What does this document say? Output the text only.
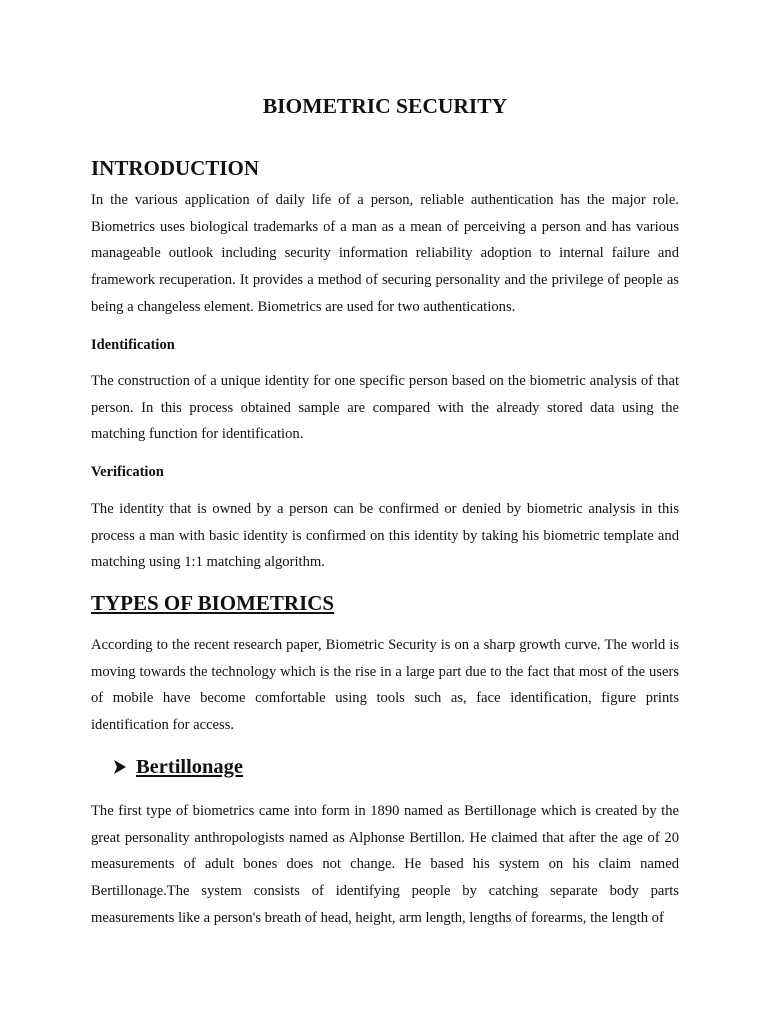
BIOMETRIC SECURITY
INTRODUCTION

In the various application of daily life of a person, reliable authentication has the major role. Biometrics uses biological trademarks of a man as a mean of perceiving a person and has various manageable outlook including security information reliability adoption to internal failure and framework recuperation. It provides a method of securing personality and the privilege of people as being a changeless element. Biometrics are used for two authentications.

Identification

The construction of a unique identity for one specific person based on the biometric analysis of that person. In this process obtained sample are compared with the already stored data using the matching function for identification.

Verification

The identity that is owned by a person can be confirmed or denied by biometric analysis in this process a man with basic identity is confirmed on this identity by taking his biometric template and matching using 1:1 matching algorithm.

TYPES OF BIOMETRICS

According to the recent research paper, Biometric Security is on a sharp growth curve. The world is moving towards the technology which is the rise in a large part due to the fact that most of the users of mobile have become comfortable using tools such as, face identification, figure prints identification for access.

Bertillonage

The first type of biometrics came into form in 1890 named as Bertillonage which is created by the great personality anthropologists named as Alphonse Bertillon. He claimed that after the age of 20 measurements of adult bones does not change. He based his system on his claim named Bertillonage.The system consists of identifying people by catching separate body parts measurements like a person's breath of head, height, arm length, lengths of forearms, the length of
